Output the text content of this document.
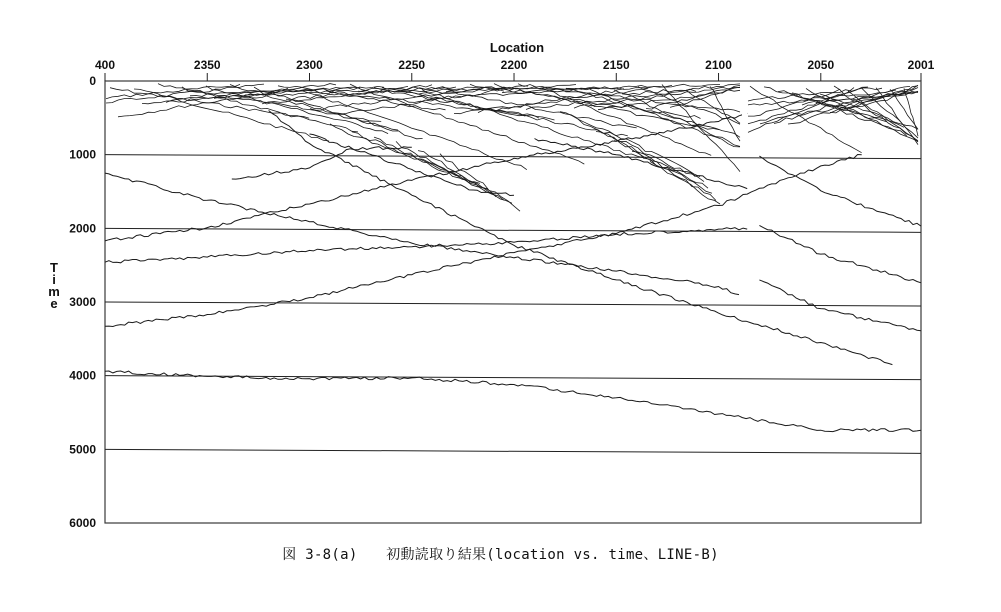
400	2350	2300	2250	2200	2150	2100	2050	2001
0
1000
2000
3000
4000
5000
6000
Location
T i m e
図 3-8(a)　　初動読取り結果(location vs. time、LINE-B)
